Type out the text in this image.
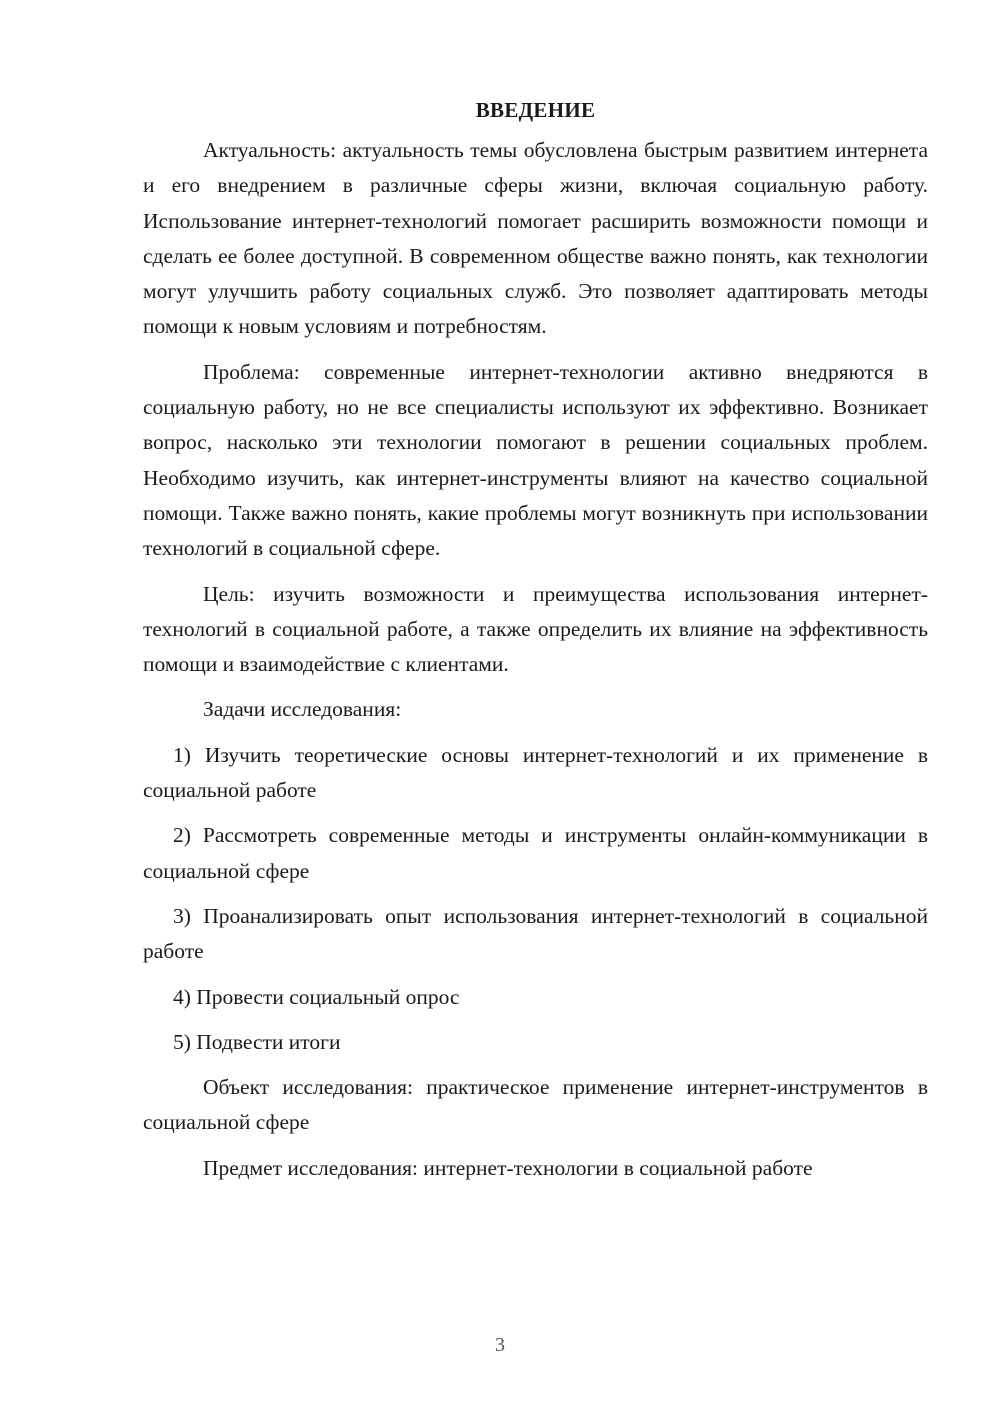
ВВЕДЕНИЕ

Актуальность: актуальность темы обусловлена быстрым развитием интернета и его внедрением в различные сферы жизни, включая социальную работу. Использование интернет-технологий помогает расширить возможности помощи и сделать ее более доступной. В современном обществе важно понять, как технологии могут улучшить работу социальных служб. Это позволяет адаптировать методы помощи к новым условиям и потребностям.

Проблема: современные интернет-технологии активно внедряются в социальную работу, но не все специалисты используют их эффективно. Возникает вопрос, насколько эти технологии помогают в решении социальных проблем. Необходимо изучить, как интернет-инструменты влияют на качество социальной помощи. Также важно понять, какие проблемы могут возникнуть при использовании технологий в социальной сфере.

Цель: изучить возможности и преимущества использования интернет-технологий в социальной работе, а также определить их влияние на эффективность помощи и взаимодействие с клиентами.

Задачи исследования:

1) Изучить теоретические основы интернет-технологий и их применение в социальной работе

2) Рассмотреть современные методы и инструменты онлайн-коммуникации в социальной сфере

3) Проанализировать опыт использования интернет-технологий в социальной работе

4) Провести социальный опрос

5) Подвести итоги

Объект исследования: практическое применение интернет-инструментов в социальной сфере

Предмет исследования: интернет-технологии в социальной работе

3
